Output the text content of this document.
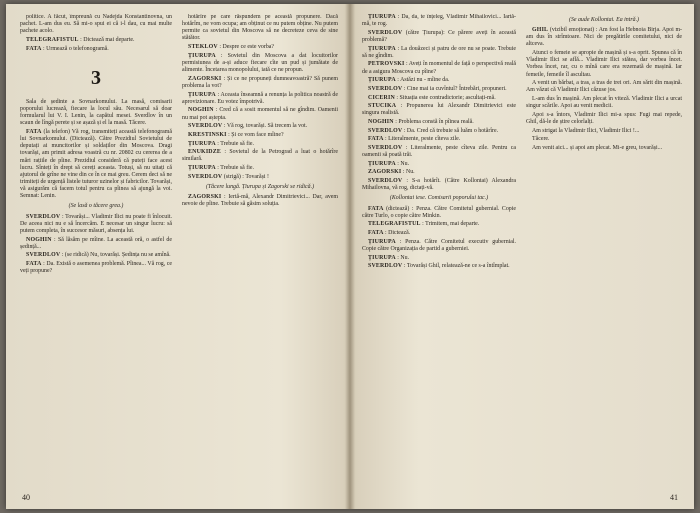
politice. A făcut, împreună cu Nadejda Konstantinovna, un pachet. L-am dus eu. Să mi-o spui ei că i-l dau, cu mai multe pachete acolo.

TELEGRAFISTUL : Dictează mai departe.

FATA : Urmează o telefonogramă.

3

Sala de ședinte a Sovnarkomului. La masă, comisarii poporului lucrează, fiecare la locul său. Necesarul să doar formularul lui V. I. Lenin, la capătul mesei. Sverdlov în un scaun de lîngă perete și se așază și el la masă. Tăcere.

FATA (la telefon) Vă rog, transmiteți această telefonogramă lui Sovnarkomului. (Dictează). Către Prezidiul Sovietului de deputați ai muncitorilor și soldaților din Moscova. Dragi tovarăși, am primit adresa voastră cu nr. 20802 cu cererea de a mări rațiile de pîine. Prezidiul consideră că puteți face acest lucru. Sînteți în drept să cereți aceasta. Totuși, să nu uitați că ajutorul de grîne ne vine din ce în ce mai greu. Cerem deci să ne trimiteți de urgență listele tuturor uzinelor și fabricilor. Tovarăși, vă asigurăm că facem totul pentru ca pîinea să ajungă la voi. Semnat: Lenin.

(Se lasă o tăcere grea.)

SVERDLOV : Tovarăși... Vladimir Ilici nu poate fi înlocuit. De aceea nici nu e să încercăm. E necesar un singur lucru: să putem completa, în succesor măsuri, absența lui.

NOGHIN : Să lăsăm pe mîine. La această oră, o astfel de ședință...

SVERDLOV : (se ridică) Nu, tovarăși. Ședința nu se amînă.

FATA : Da. Există o asemenea problemă. Pîinea... Vă rog, ce veți propune?

hotărîre pe care răspundem pe această propunere. Dacă hotărîm, ne vom ocupa; am obținut ce nu putem obține. Nu putem permite ca sovietul din Moscova să ne decreteze ceva de sine stătător.

STEKLOV : Despre ce este vorba?

ȚIURUPA : Sovietul din Moscova a dat locuitorilor permisiunea de a-și aduce fiecare cîte un pud și jumătate de alimente. Încetarea monopolului, iată ce ne propun.

ZAGORSKI : Și ce ne propuneți dumneavoastră? Să punem problema la vot?

ȚIURUPA : Aceasta înseamnă a renunța la politica noastră de aprovizionare. Eu votez împotrivă.

NOGHIN : Cred că a sosit momentul să ne gîndim. Oamenii nu mai pot aștepta.

SVERDLOV : Vă rog, tovarăși. Să trecem la vot.

KRESTINSKI : Și ce vom face mîine?

ȚIURUPA : Trebuie să fie.

ENUKIDZE : Sovietul de la Petrograd a luat o hotărîre similară.

ȚIURUPA : Trebuie să fie.

SVERDLOV (strigă) : Tovarăși !

(Tăcere lungă. Țiurupa și Zagorski se ridică.)

ZAGORSKI : Iertă-mă, Alexandr Dimitrievici... Dar, avem nevoie de pîine. Trebuie să găsim soluția.

40

ȚIURUPA : Da, da, te înțeleg, Vladimir Mihailovici... Iartă-mă, te rog.

SVERDLOV (către Țiurupa): Ce părere aveți în această problemă?

ȚIURUPA : La douăzeci și patru de ore nu se poate. Trebuie să ne gîndim.

PETROVSKI : Aveți în momentul de față o perspectivă reală de a asigura Moscova cu pîine?

ȚIURUPA : Astăzi nu - mîine da.

SVERDLOV : Cine mai ia cuvîntul? Întrebări, propuneri.

CICERIN : Situația este contradictorie; ascultați-mă.

STUCIKA : Propunerea lui Alexandr Dimitrievici este singura realistă.

NOGHIN : Problema constă în pîinea reală.

SVERDLOV : Da. Cred că trebuie să luăm o hotărîre.

FATA : Literalmente, peste cîteva zile.

SVERDLOV : Literalmente, peste cîteva zile. Pentru ca oamenii să poată trăi.

ȚIURUPA : Nu.

ZAGORSKI : Nu.

SVERDLOV : S-a hotărît. (Către Kollontai) Alexandra Mihailovna, vă rog, dictați-vă.

(Kollontai iese. Comisarii poporului tac.)

FATA (dictează) : Penza. Către Comitetul gubernial. Copie către Turlo, o copie către Minkin.

TELEGRAFISTUL : Trimitem, mai departe.

FATA : Dictează.

ȚIURUPA : Penza. Către Comitetul executiv gubernial. Copie către Organizația de partid a guberniei.

ȚIURUPA : Nu.

SVERDLOV : Tovarăși Ghil, relatează-ne ce s-a întîmplat.

(Se aude Kollontai. Ea intră.)

GHIL (vizibil emoționat) : Am fost la Hebnoia Birja. Apoi m-am dus în strîmtoare. Nici de pregătirile comitetului, nici de altceva.

Atunci o femeie se apropie de mașină și s-a oprit. Spunea că în Vladimir Ilici se află... Vladimir Ilici stătea, dar vorbea încet. Vorbea încet, rar, cu o mînă care era rezemată de mașină. Iar femeile, femeile îl ascultau.

A venit un bărbat, a tras, a tras de trei ori. Am sărit din mașină. Am văzut că Vladimir Ilici căzuse jos.

L-am dus în mașină. Am plecat în viteză. Vladimir Ilici a urcat singur scările. Apoi au venit medicii.

Apoi s-a întors, Vladimir Ilici mi-a spus: Fugi mai repede, Ghil, dă-le de știre celorlalți.

Am strigat la Vladimir Ilici, Vladimir Ilici !...

Tăcere.

Am venit aici... și apoi am plecat. Mi-e greu, tovarăși...

41
